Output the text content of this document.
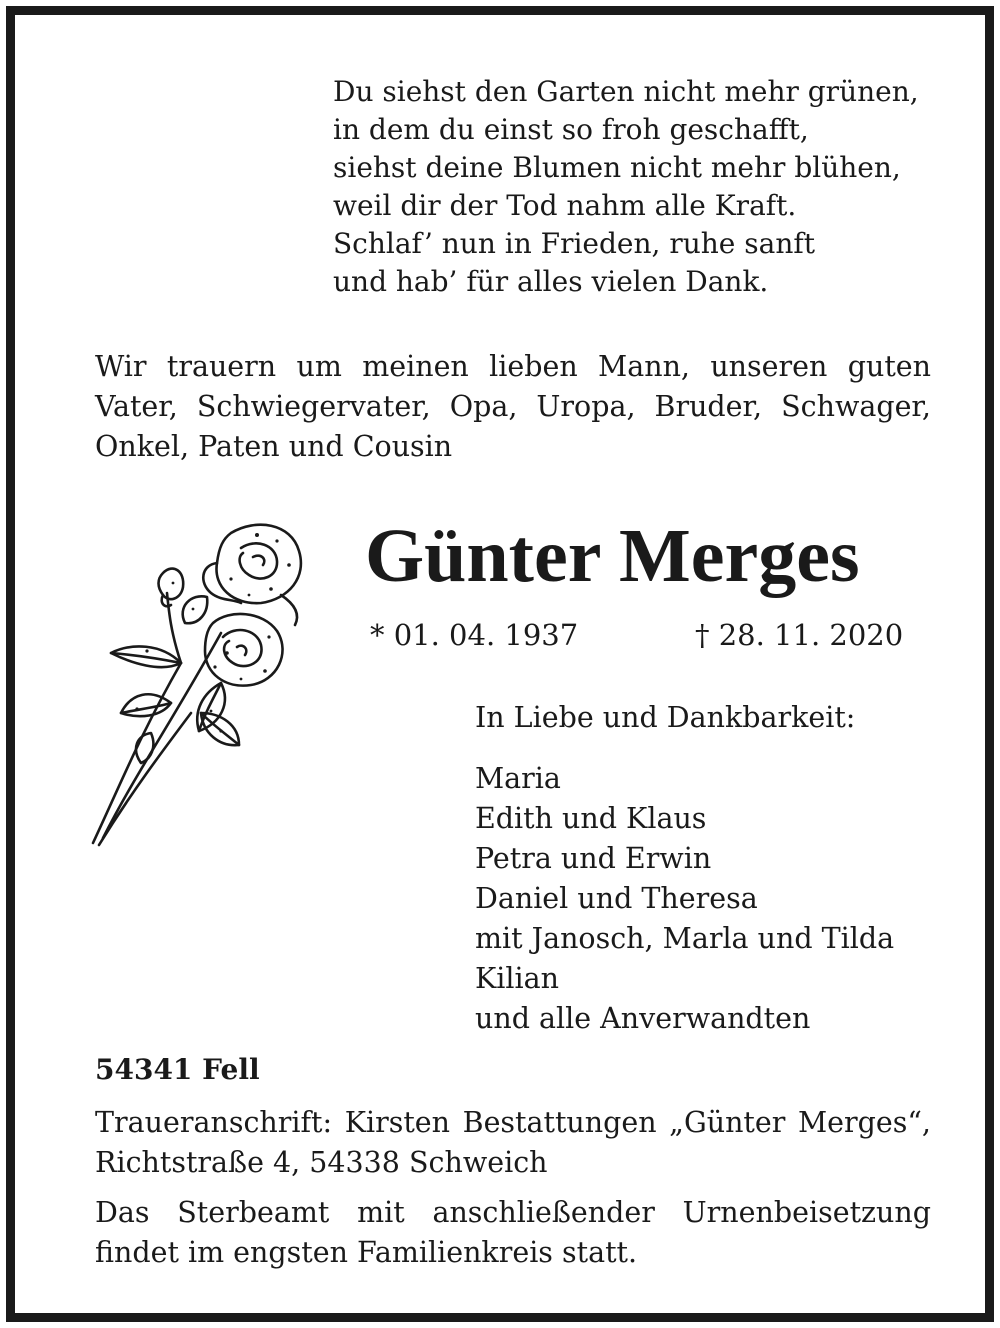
Du siehst den Garten nicht mehr grünen,
in dem du einst so froh geschafft,
siehst deine Blumen nicht mehr blühen,
weil dir der Tod nahm alle Kraft.
Schlaf’ nun in Frieden, ruhe sanft
und hab’ für alles vielen Dank.
Wir trauern um meinen lieben Mann, unseren guten
Vater, Schwiegervater, Opa, Uropa, Bruder, Schwager,
Onkel, Paten und Cousin
Günter Merges
* 01. 04. 1937	† 28. 11. 2020
In Liebe und Dankbarkeit:
Maria
Edith und Klaus
Petra und Erwin
Daniel und Theresa
mit Janosch, Marla und Tilda
Kilian
und alle Anverwandten
54341 Fell
Traueranschrift: Kirsten Bestattungen „Günter Merges“,
Richtstraße 4, 54338 Schweich
Das Sterbeamt mit anschließender Urnenbeisetzung
findet im engsten Familienkreis statt.
